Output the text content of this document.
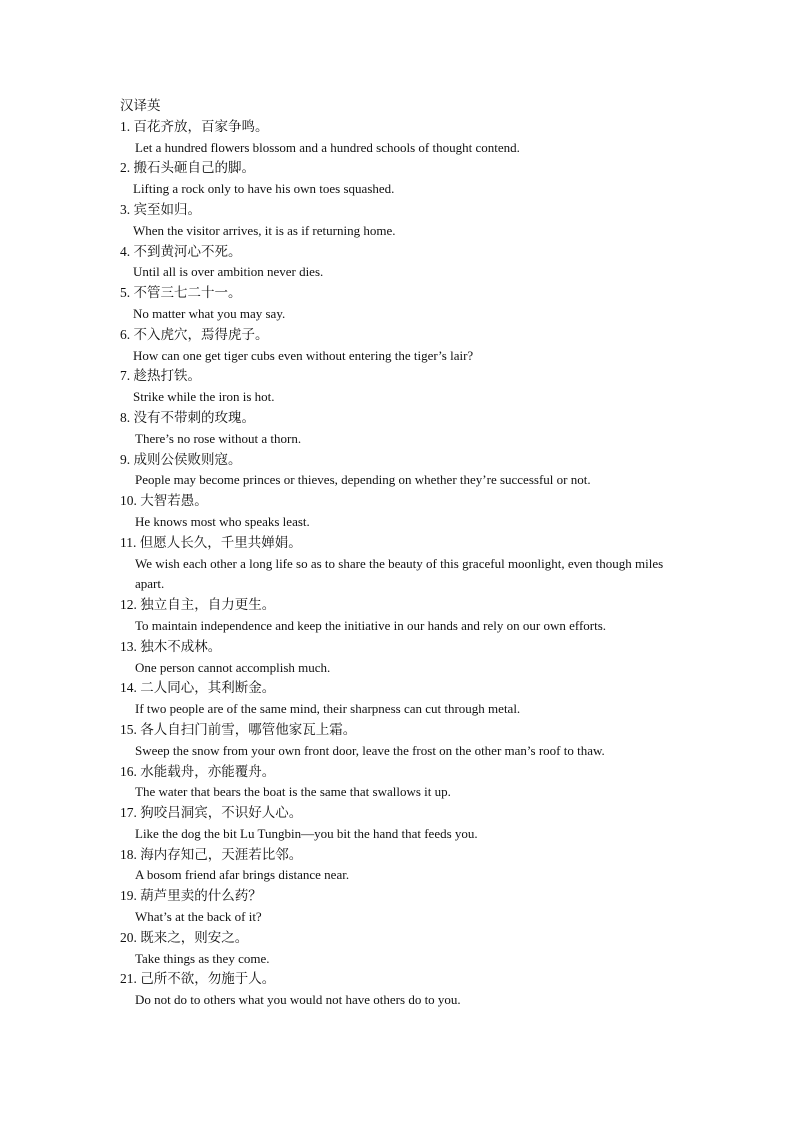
汉译英
1. 百花齐放，百家争鸣。
Let a hundred flowers blossom and a hundred schools of thought contend.
2. 搬石头砸自己的脚。
Lifting a rock only to have his own toes squashed.
3. 宾至如归。
When the visitor arrives, it is as if returning home.
4. 不到黄河心不死。
Until all is over ambition never dies.
5. 不管三七二十一。
No matter what you may say.
6. 不入虎穴，焉得虎子。
How can one get tiger cubs even without entering the tiger’s lair?
7. 趁热打铁。
Strike while the iron is hot.
8. 没有不带刺的玫瑰。
There’s no rose without a thorn.
9. 成则公侯败则寇。
People may become princes or thieves, depending on whether they’re successful or not.
10. 大智若愚。
He knows most who speaks least.
11. 但愿人长久，千里共婵娟。
We wish each other a long life so as to share the beauty of this graceful moonlight, even though miles apart.
12. 独立自主，自力更生。
To maintain independence and keep the initiative in our hands and rely on our own efforts.
13. 独木不成林。
One person cannot accomplish much.
14. 二人同心，其利断金。
If two people are of the same mind, their sharpness can cut through metal.
15. 各人自扫门前雪，哪管他家瓦上霜。
Sweep the snow from your own front door, leave the frost on the other man’s roof to thaw.
16. 水能载舟，亦能覆舟。
The water that bears the boat is the same that swallows it up.
17. 狗咬吕洞宾，不识好人心。
Like the dog the bit Lu Tungbin—you bit the hand that feeds you.
18. 海内存知己，天涯若比邻。
A bosom friend afar brings distance near.
19. 葫芦里卖的什么药？
What’s at the back of it?
20. 既来之，则安之。
Take things as they come.
21. 己所不欲，勿施于人。
Do not do to others what you would not have others do to you.
